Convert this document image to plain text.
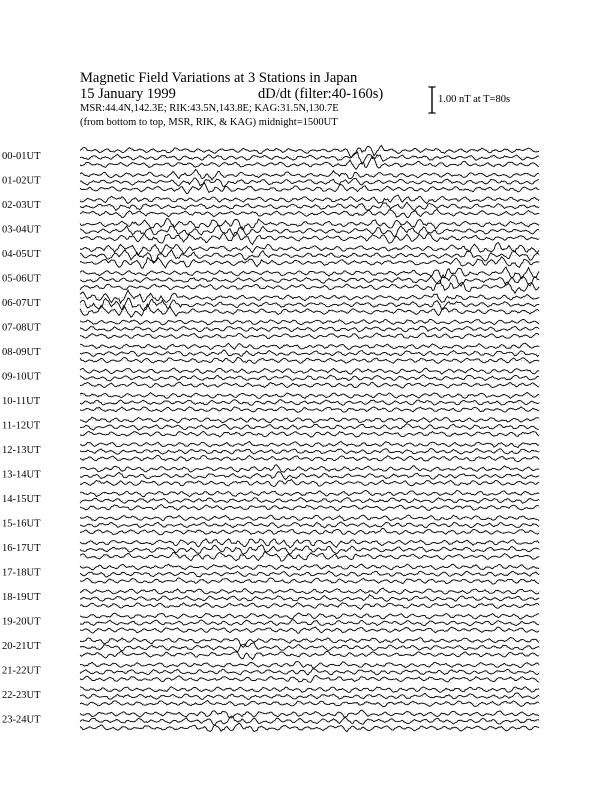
Magnetic Field Variations at 3 Stations in Japan
15 January 1999	dD/dt (filter:40-160s)
MSR:44.4N,142.3E; RIK:43.5N,143.8E; KAG:31.5N,130.7E
(from bottom to top, MSR, RIK, & KAG) midnight=1500UT
1.00 nT at T=80s
00-01UT
01-02UT
02-03UT
03-04UT
04-05UT
05-06UT
06-07UT
07-08UT
08-09UT
09-10UT
10-11UT
11-12UT
12-13UT
13-14UT
14-15UT
15-16UT
16-17UT
17-18UT
18-19UT
19-20UT
20-21UT
21-22UT
22-23UT
23-24UT
